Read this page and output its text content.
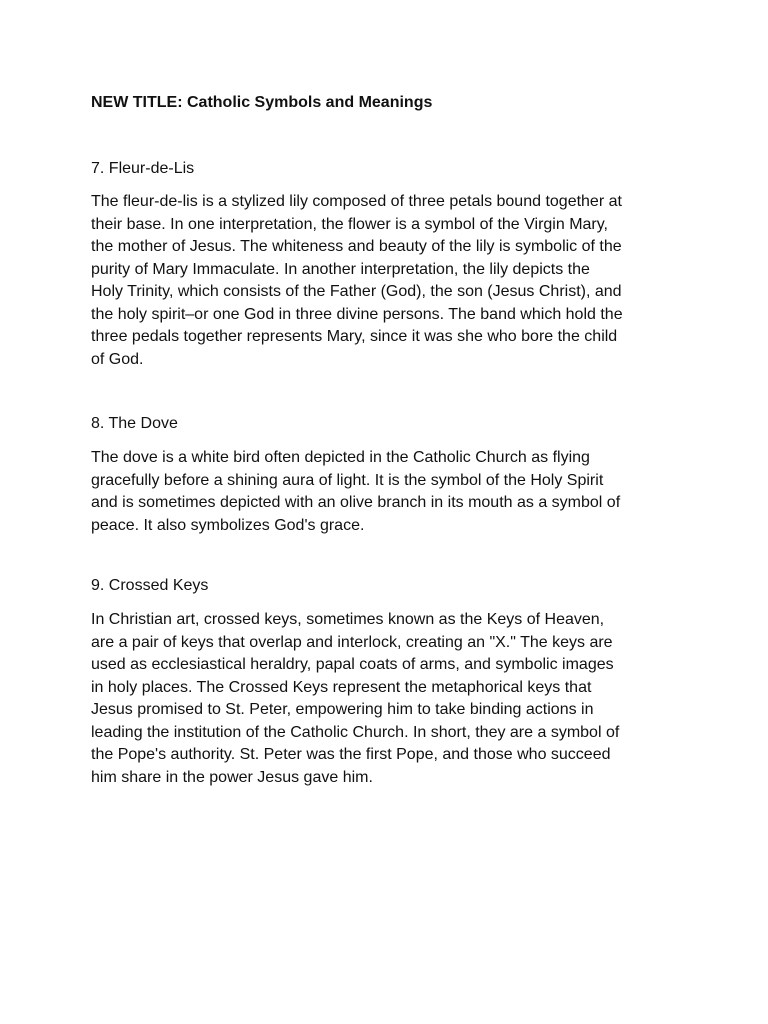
NEW TITLE: Catholic Symbols and Meanings
7. Fleur-de-Lis

The fleur-de-lis is a stylized lily composed of three petals bound together at
their base. In one interpretation, the flower is a symbol of the Virgin Mary,
the mother of Jesus. The whiteness and beauty of the lily is symbolic of the
purity of Mary Immaculate. In another interpretation, the lily depicts the
Holy Trinity, which consists of the Father (God), the son (Jesus Christ), and
the holy spirit–or one God in three divine persons. The band which hold the
three pedals together represents Mary, since it was she who bore the child
of God.

8. The Dove

The dove is a white bird often depicted in the Catholic Church as flying
gracefully before a shining aura of light. It is the symbol of the Holy Spirit
and is sometimes depicted with an olive branch in its mouth as a symbol of
peace. It also symbolizes God's grace.

9. Crossed Keys

In Christian art, crossed keys, sometimes known as the Keys of Heaven,
are a pair of keys that overlap and interlock, creating an "X." The keys are
used as ecclesiastical heraldry, papal coats of arms, and symbolic images
in holy places. The Crossed Keys represent the metaphorical keys that
Jesus promised to St. Peter, empowering him to take binding actions in
leading the institution of the Catholic Church. In short, they are a symbol of
the Pope's authority. St. Peter was the first Pope, and those who succeed
him share in the power Jesus gave him.
